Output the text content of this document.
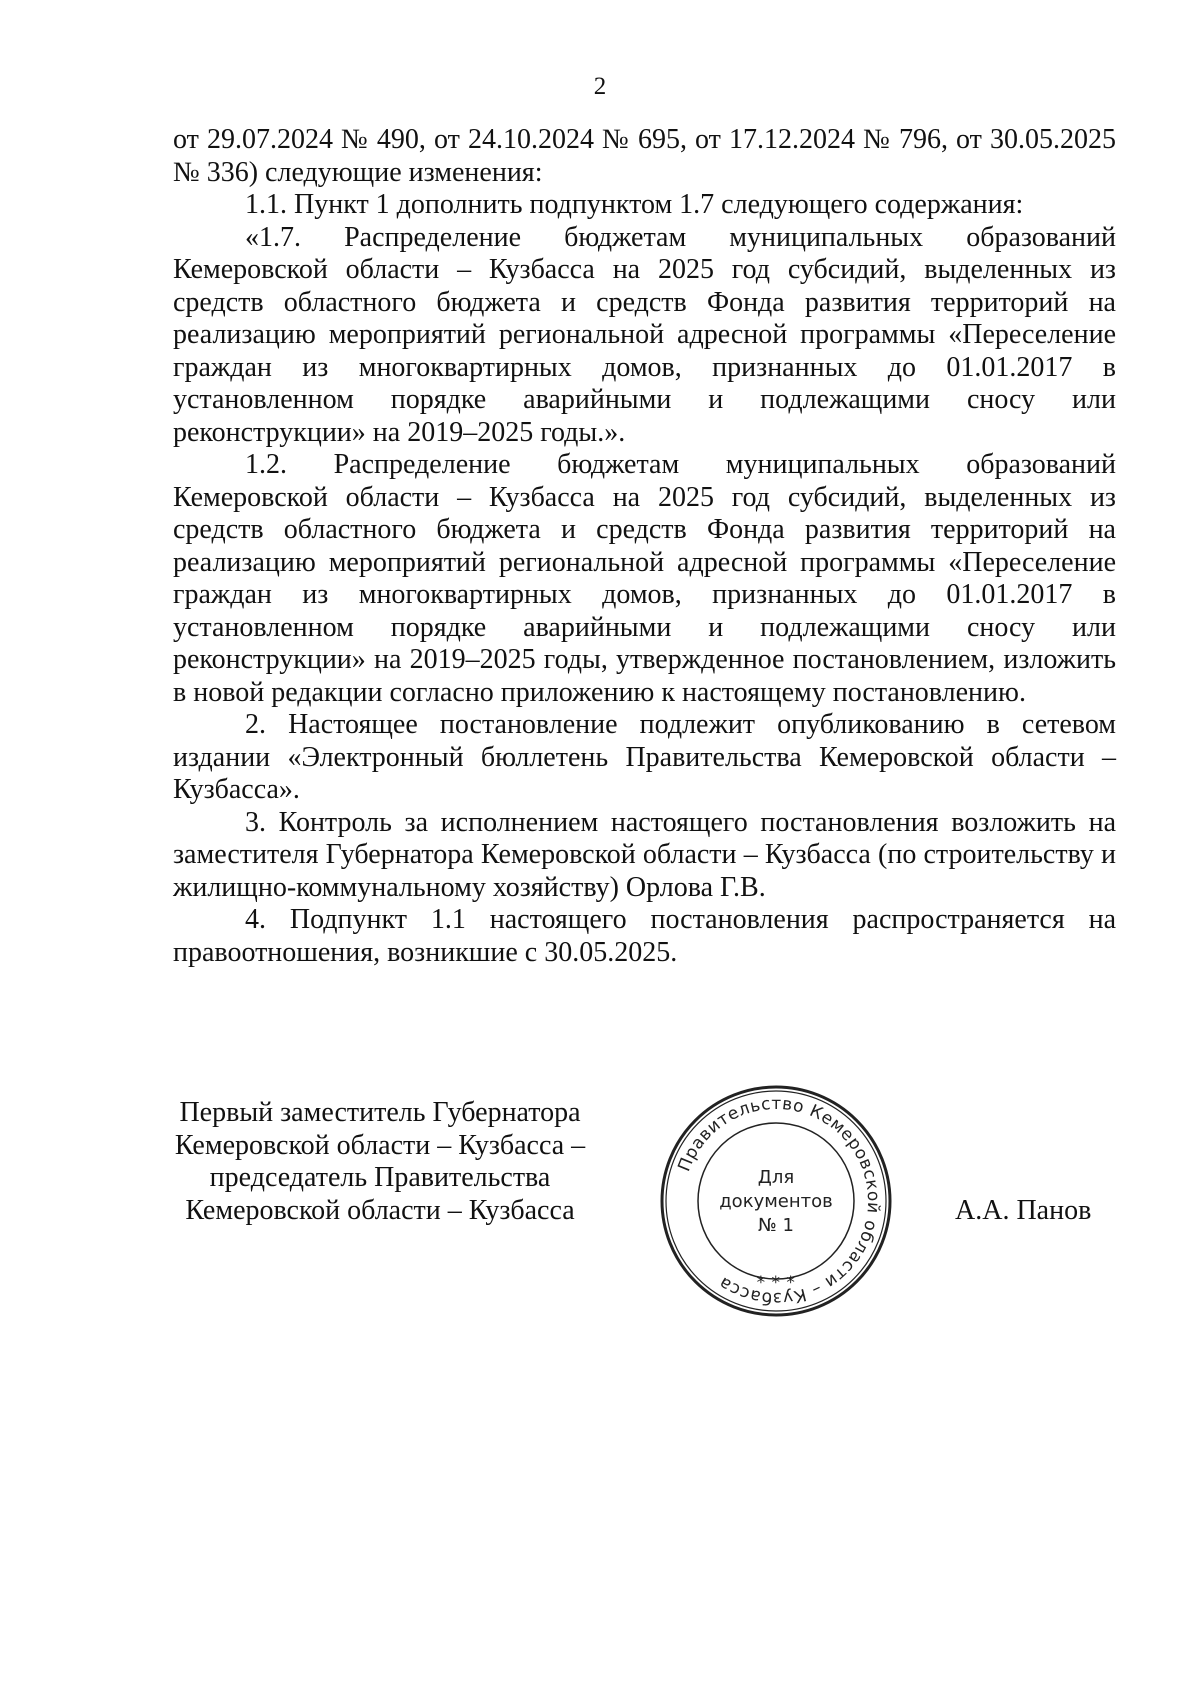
2

от 29.07.2024 № 490, от 24.10.2024 № 695, от 17.12.2024 № 796, от 30.05.2025 № 336) следующие изменения:

1.1. Пункт 1 дополнить подпунктом 1.7 следующего содержания:

«1.7. Распределение бюджетам муниципальных образований Кемеровской области – Кузбасса на 2025 год субсидий, выделенных из средств областного бюджета и средств Фонда развития территорий на реализацию мероприятий региональной адресной программы «Переселение граждан из многоквартирных домов, признанных до 01.01.2017 в установленном порядке аварийными и подлежащими сносу или реконструкции» на 2019–2025 годы.».

1.2. Распределение бюджетам муниципальных образований Кемеровской области – Кузбасса на 2025 год субсидий, выделенных из средств областного бюджета и средств Фонда развития территорий на реализацию мероприятий региональной адресной программы «Переселение граждан из многоквартирных домов, признанных до 01.01.2017 в установленном порядке аварийными и подлежащими сносу или реконструкции» на 2019–2025 годы, утвержденное постановлением, изложить в новой редакции согласно приложению к настоящему постановлению.

2. Настоящее постановление подлежит опубликованию в сетевом издании «Электронный бюллетень Правительства Кемеровской области – Кузбасса».

3. Контроль за исполнением настоящего постановления возложить на заместителя Губернатора Кемеровской области – Кузбасса (по строительству и жилищно-коммунальному хозяйству) Орлова Г.В.

4. Подпункт 1.1 настоящего постановления распространяется на правоотношения, возникшие с 30.05.2025.

Первый заместитель Губернатора
Кемеровской области – Кузбасса –
председатель Правительства
Кемеровской области – Кузбасса
Правительство Кемеровской области – Кузбасса	* * *
Для
документов
№ 1	А.А. Панов
